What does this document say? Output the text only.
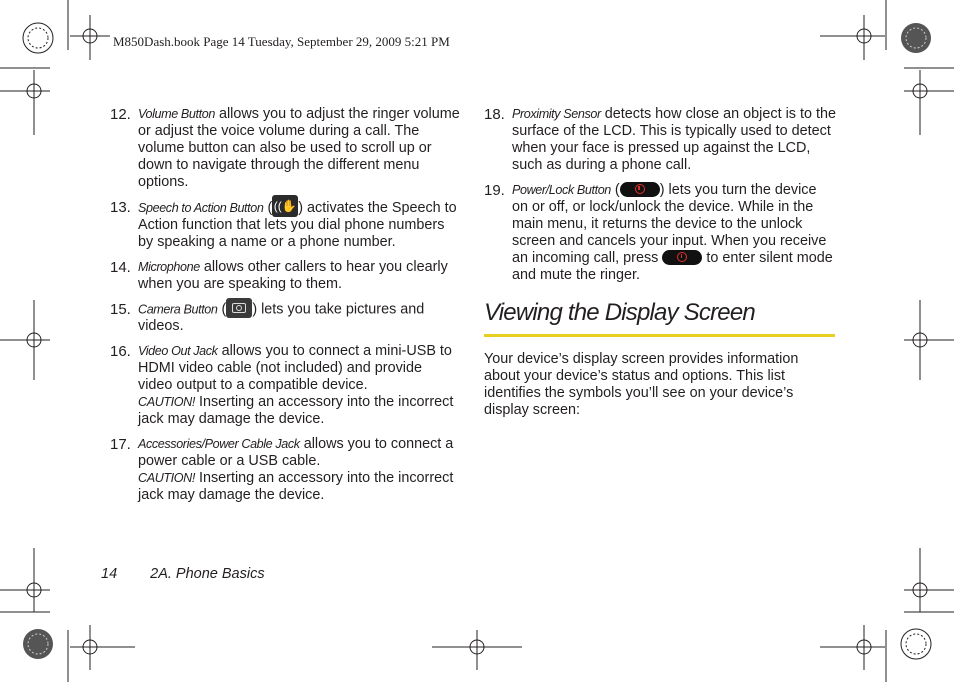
M850Dash.book Page 14 Tuesday, September 29, 2009 5:21 PM
12. Volume Button allows you to adjust the ringer volume or adjust the voice volume during a call. The volume button can also be used to scroll up or down to navigate through the different menu options.
13. Speech to Action Button ( ((✋ ) activates the Speech to Action function that lets you dial phone numbers by speaking a name or a phone number.
14. Microphone allows other callers to hear you clearly when you are speaking to them.
15. Camera Button ( ) lets you take pictures and videos.
16. Video Out Jack allows you to connect a mini-USB to HDMI video cable (not included) and provide video output to a compatible device.
CAUTION! Inserting an accessory into the incorrect jack may damage the device.
17. Accessories/Power Cable Jack allows you to connect a power cable or a USB cable.
CAUTION! Inserting an accessory into the incorrect jack may damage the device.
18. Proximity Sensor detects how close an object is to the surface of the LCD. This is typically used to detect when your face is pressed up against the LCD, such as during a phone call.
19. Power/Lock Button (	) lets you turn the device on or off, or lock/unlock the device. While in the main menu, it returns the device to the unlock screen and cancels your input. When you receive an incoming call, press	to enter silent mode and mute the ringer.
Viewing the Display Screen

Your device’s display screen provides information about your device’s status and options. This list identifies the symbols you’ll see on your device’s display screen:

14 2A. Phone Basics
